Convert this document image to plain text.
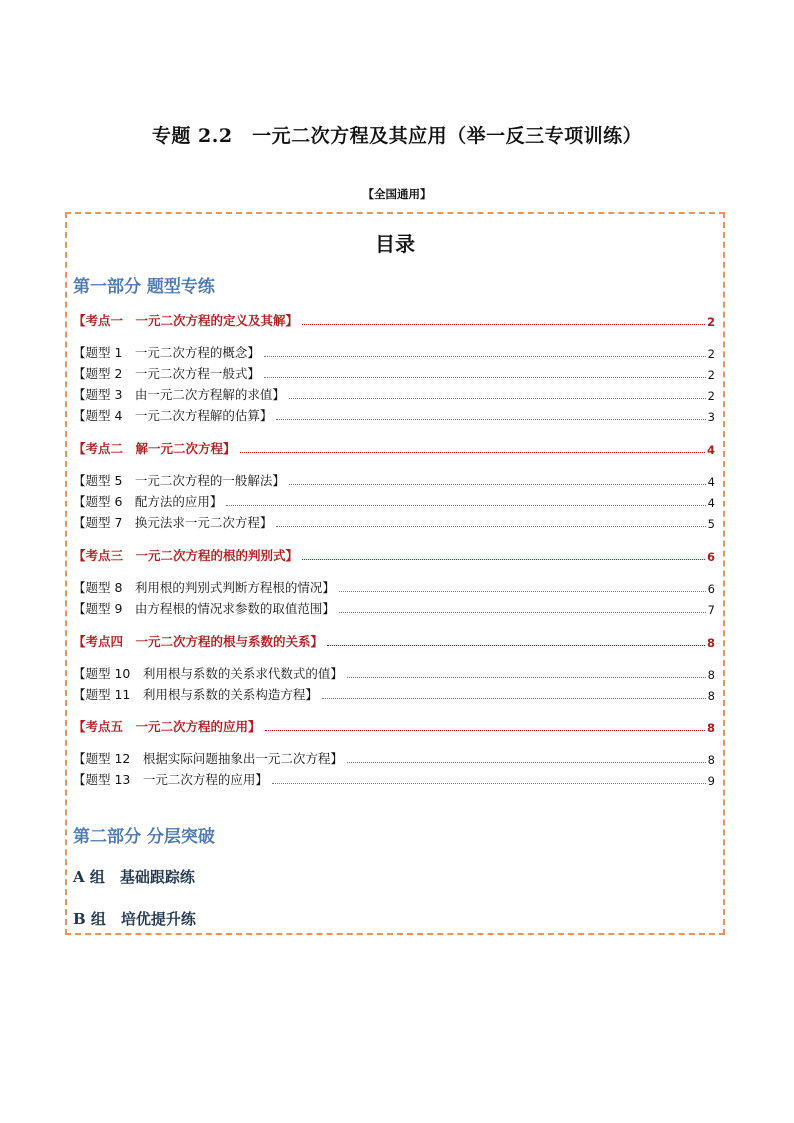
专题 2.2　一元二次方程及其应用（举一反三专项训练）
【全国通用】
目录
第一部分 题型专练
第二部分 分层突破
A 组　基础跟踪练
B 组　培优提升练
【考点一　一元二次方程的定义及其解】	2
【题型 1　一元二次方程的概念】	2
【题型 2　一元二次方程一般式】	2
【题型 3　由一元二次方程解的求值】	2
【题型 4　一元二次方程解的估算】	3
【考点二　解一元二次方程】	4
【题型 5　一元二次方程的一般解法】	4
【题型 6　配方法的应用】	4
【题型 7　换元法求一元二次方程】	5
【考点三　一元二次方程的根的判别式】	6
【题型 8　利用根的判别式判断方程根的情况】	6
【题型 9　由方程根的情况求参数的取值范围】	7
【考点四　一元二次方程的根与系数的关系】	8
【题型 10　利用根与系数的关系求代数式的值】	8
【题型 11　利用根与系数的关系构造方程】	8
【考点五　一元二次方程的应用】	8
【题型 12　根据实际问题抽象出一元二次方程】	8
【题型 13　一元二次方程的应用】	9
